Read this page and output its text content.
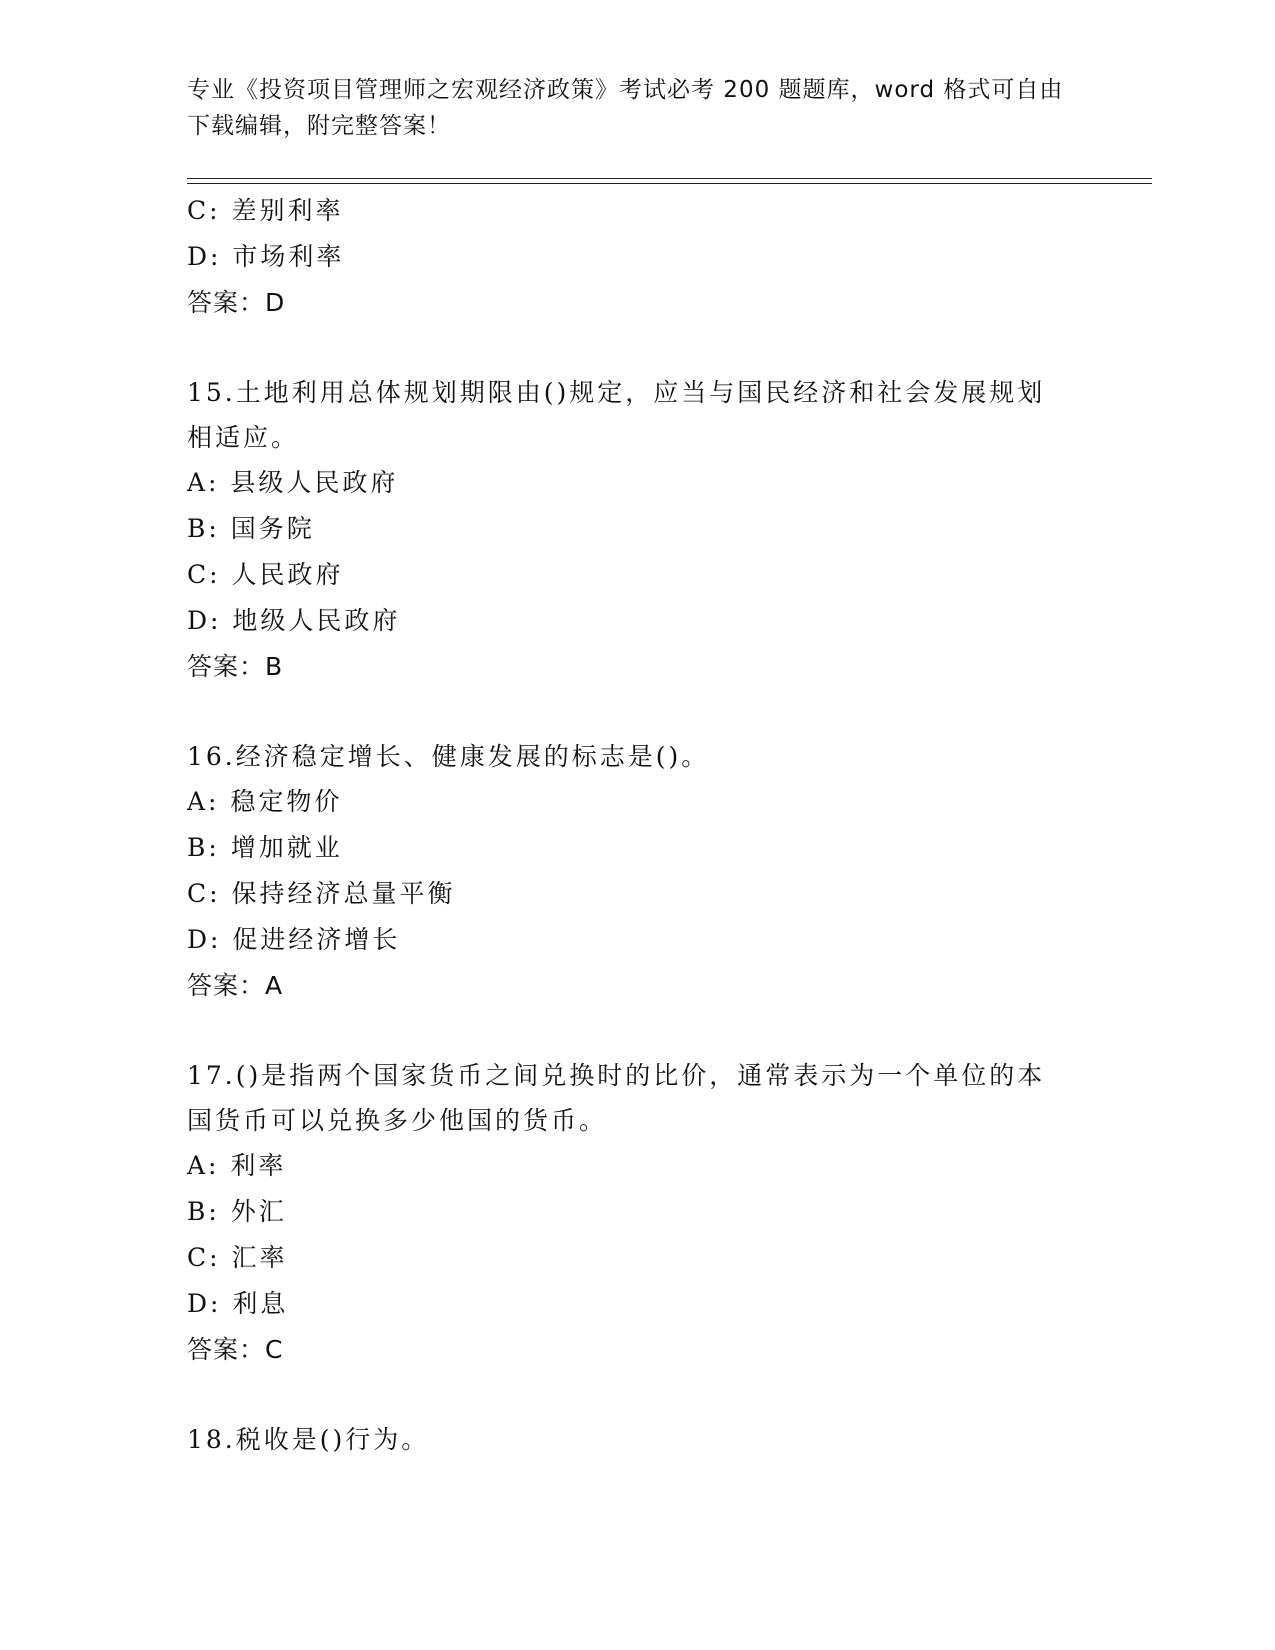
专业《投资项目管理师之宏观经济政策》考试必考 200 题题库，word 格式可自由
下载编辑，附完整答案！
C: 差别利率
D: 市场利率
答案：D
15.土地利用总体规划期限由()规定，应当与国民经济和社会发展规划
相适应。
A: 县级人民政府
B: 国务院
C: 人民政府
D: 地级人民政府
答案：B
16.经济稳定增长、健康发展的标志是()。
A: 稳定物价
B: 增加就业
C: 保持经济总量平衡
D: 促进经济增长
答案：A
17.()是指两个国家货币之间兑换时的比价，通常表示为一个单位的本
国货币可以兑换多少他国的货币。
A: 利率
B: 外汇
C: 汇率
D: 利息
答案：C
18.税收是()行为。
